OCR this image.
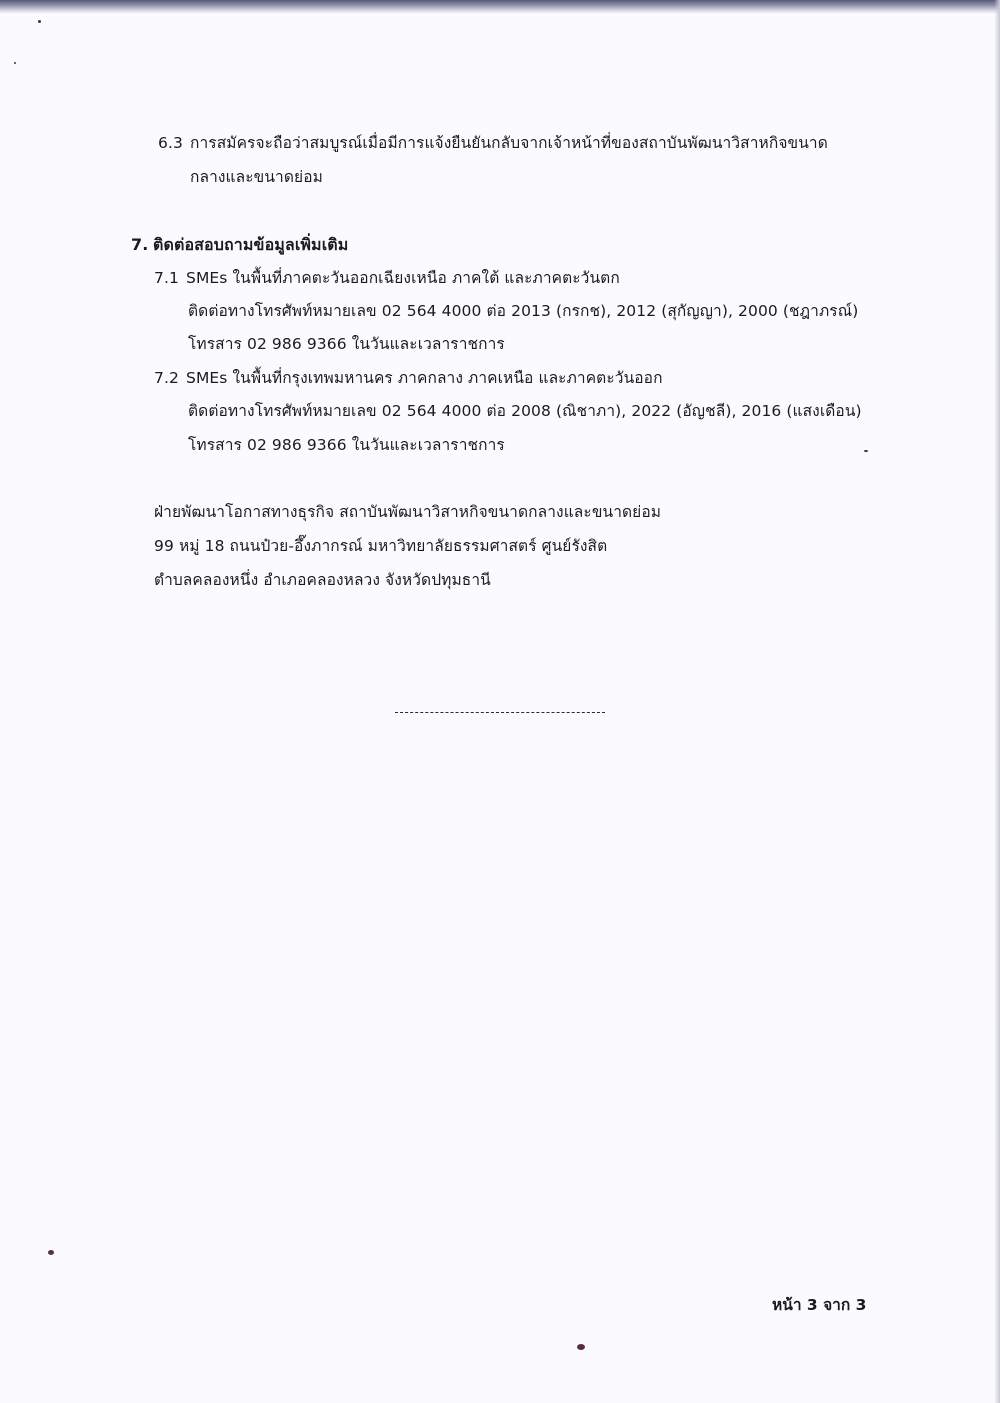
6.3 การสมัครจะถือว่าสมบูรณ์เมื่อมีการแจ้งยืนยันกลับจากเจ้าหน้าที่ของสถาบันพัฒนาวิสาหกิจขนาด
กลางและขนาดย่อม
7. ติดต่อสอบถามข้อมูลเพิ่มเติม
7.1 SMEs ในพื้นที่ภาคตะวันออกเฉียงเหนือ ภาคใต้ และภาคตะวันตก
ติดต่อทางโทรศัพท์หมายเลข 02 564 4000 ต่อ 2013 (กรกช), 2012 (สุกัญญา), 2000 (ชฎาภรณ์)
โทรสาร 02 986 9366 ในวันและเวลาราชการ
7.2 SMEs ในพื้นที่กรุงเทพมหานคร ภาคกลาง ภาคเหนือ และภาคตะวันออก
ติดต่อทางโทรศัพท์หมายเลข 02 564 4000 ต่อ 2008 (ณิชาภา), 2022 (อัญชลี), 2016 (แสงเดือน)
โทรสาร 02 986 9366 ในวันและเวลาราชการ
ฝ่ายพัฒนาโอกาสทางธุรกิจ สถาบันพัฒนาวิสาหกิจขนาดกลางและขนาดย่อม
99 หมู่ 18 ถนนป๋วย-อึ๊งภากรณ์ มหาวิทยาลัยธรรมศาสตร์ ศูนย์รังสิต
ตำบลคลองหนึ่ง อำเภอคลองหลวง จังหวัดปทุมธานี
หน้า 3 จาก 3
